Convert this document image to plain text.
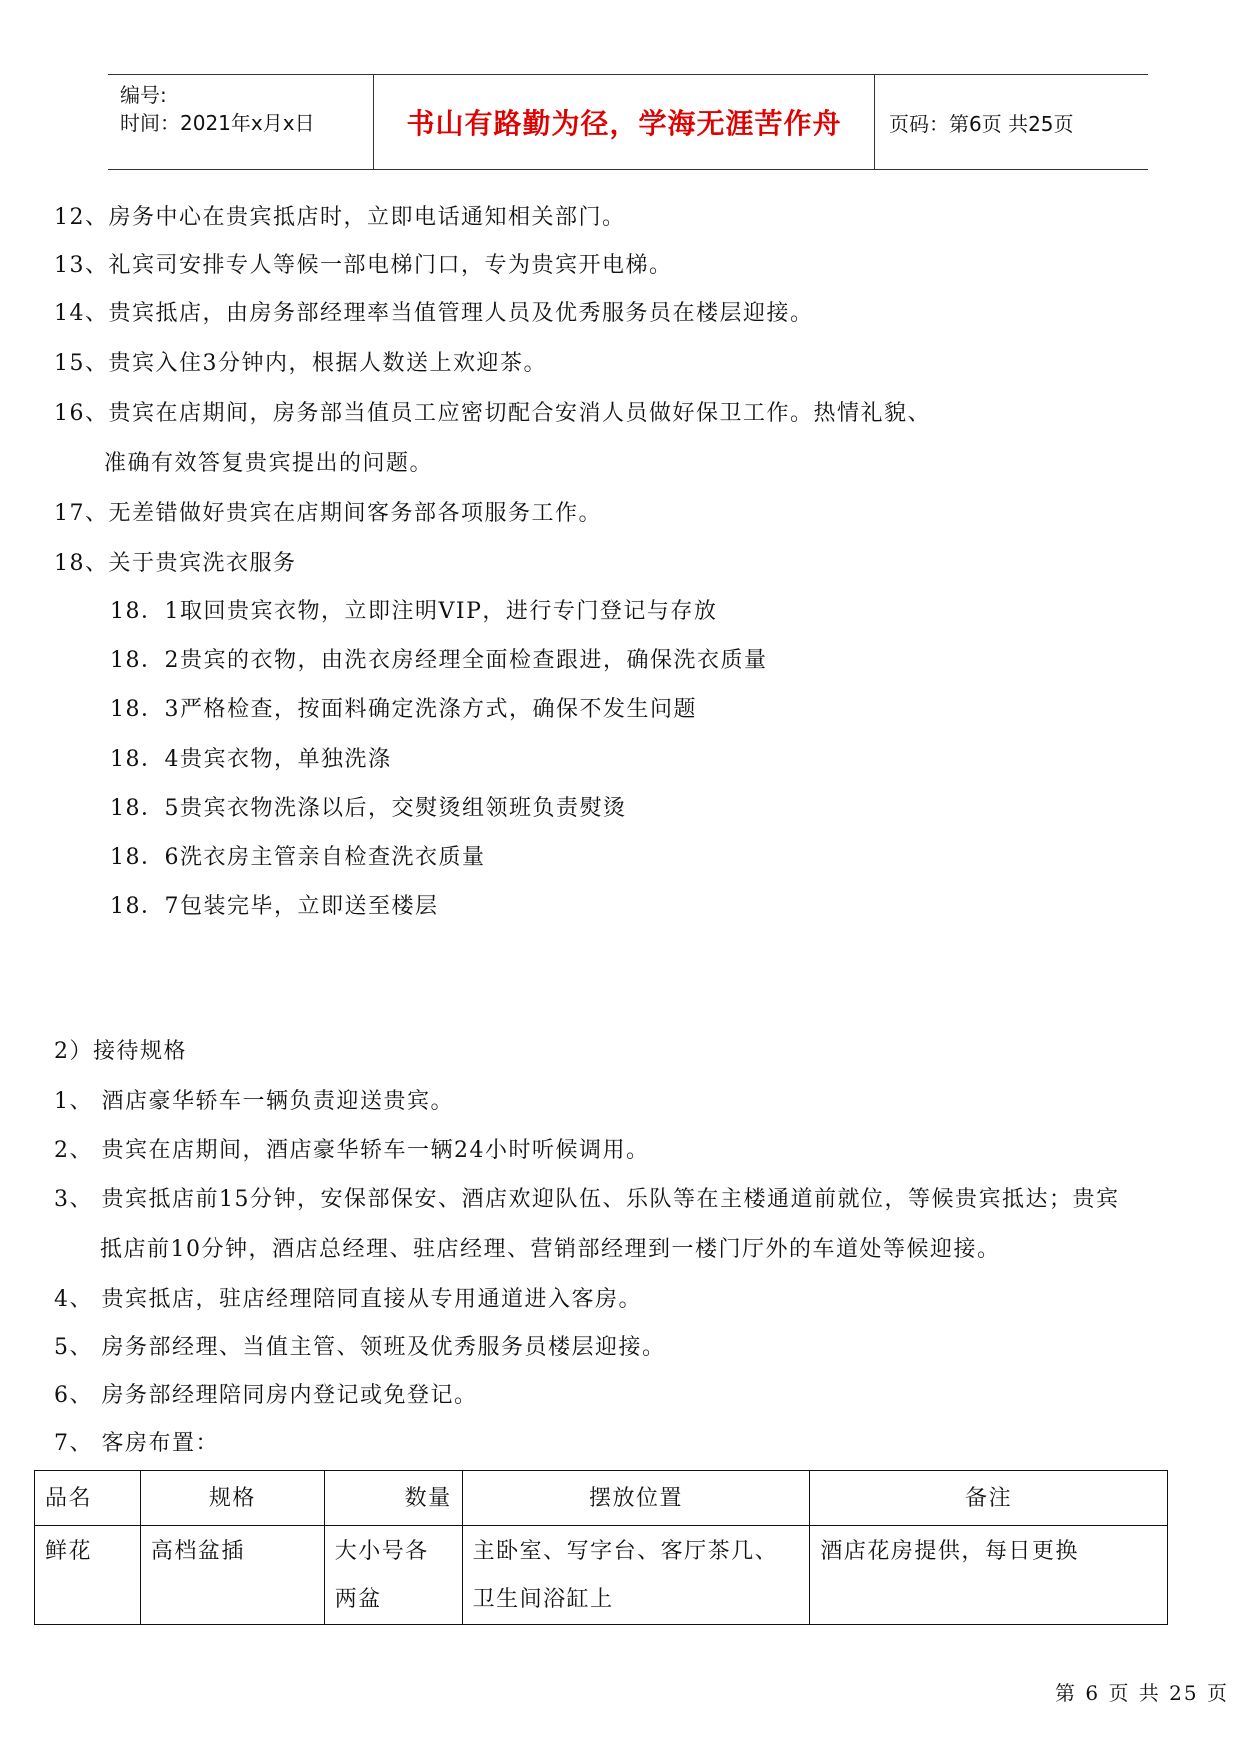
编号:
时间：2021年x月x日	书山有路勤为径，学海无涯苦作舟	页码：第6页 共25页
12、房务中心在贵宾抵店时，立即电话通知相关部门。
13、礼宾司安排专人等候一部电梯门口，专为贵宾开电梯。
14、贵宾抵店，由房务部经理率当值管理人员及优秀服务员在楼层迎接。
15、贵宾入住3分钟内，根据人数送上欢迎茶。
16、贵宾在店期间，房务部当值员工应密切配合安消人员做好保卫工作。热情礼貌、
准确有效答复贵宾提出的问题。
17、无差错做好贵宾在店期间客务部各项服务工作。
18、关于贵宾洗衣服务
18．1取回贵宾衣物，立即注明VIP，进行专门登记与存放
18．2贵宾的衣物，由洗衣房经理全面检查跟进，确保洗衣质量
18．3严格检查，按面料确定洗涤方式，确保不发生问题
18．4贵宾衣物，单独洗涤
18．5贵宾衣物洗涤以后，交熨烫组领班负责熨烫
18．6洗衣房主管亲自检查洗衣质量
18．7包装完毕，立即送至楼层
2）接待规格
1、 酒店豪华轿车一辆负责迎送贵宾。
2、 贵宾在店期间，酒店豪华轿车一辆24小时听候调用。
3、 贵宾抵店前15分钟，安保部保安、酒店欢迎队伍、乐队等在主楼通道前就位，等候贵宾抵达；贵宾
抵店前10分钟，酒店总经理、驻店经理、营销部经理到一楼门厅外的车道处等候迎接。
4、 贵宾抵店，驻店经理陪同直接从专用通道进入客房。
5、 房务部经理、当值主管、领班及优秀服务员楼层迎接。
6、 房务部经理陪同房内登记或免登记。
7、 客房布置：
品名	规格	数量	摆放位置	备注
鲜花	高档盆插	大小号各两盆	主卧室、写字台、客厅茶几、卫生间浴缸上	酒店花房提供，每日更换
第 6 页 共 25 页
